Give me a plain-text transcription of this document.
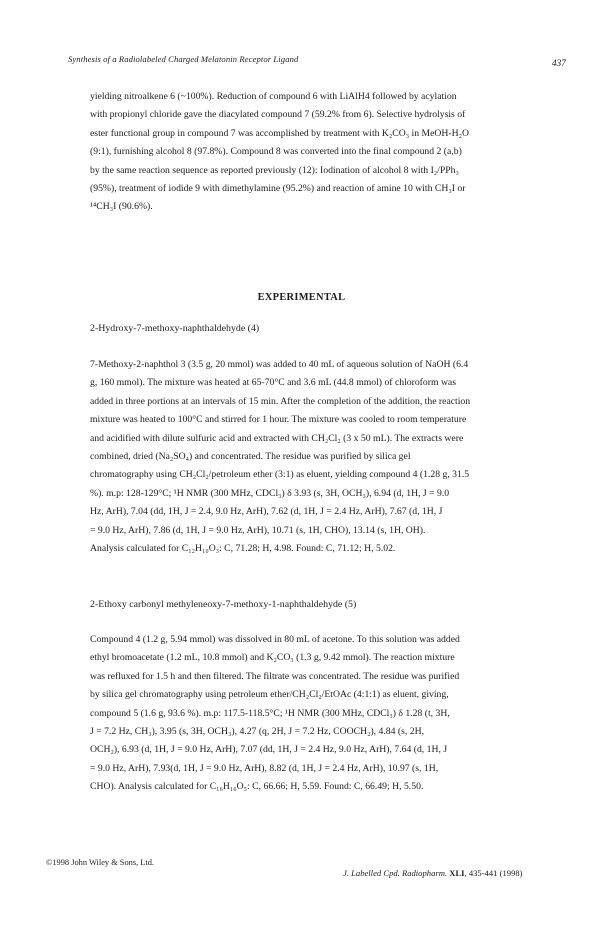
Synthesis of a Radiolabeled Charged Melatonin Receptor Ligand	437
yielding nitroalkene 6 (~100%). Reduction of compound 6 with LiAlH4 followed by acylation
with propionyl chloride gave the diacylated compound 7 (59.2% from 6). Selective hydrolysis of
ester functional group in compound 7 was accomplished by treatment with K₂CO₃ in MeOH-H₂O
(9:1), furnishing alcohol 8 (97.8%). Compound 8 was converted into the final compound 2 (a,b)
by the same reaction sequence as reported previously (12): Iodination of alcohol 8 with I₂/PPh₃
(95%), treatment of iodide 9 with dimethylamine (95.2%) and reaction of amine 10 with CH₃I or
¹⁴CH₃I (90.6%).
EXPERIMENTAL
2-Hydroxy-7-methoxy-naphthaldehyde (4)
7-Methoxy-2-naphthol 3 (3.5 g, 20 mmol) was added to 40 mL of aqueous solution of NaOH (6.4
g, 160 mmol). The mixture was heated at 65-70°C and 3.6 mL (44.8 mmol) of chloroform was
added in three portions at an intervals of 15 min. After the completion of the addition, the reaction
mixture was heated to 100°C and stirred for 1 hour. The mixture was cooled to room temperature
and acidified with dilute sulfuric acid and extracted with CH₂Cl₂ (3 x 50 mL). The extracts were
combined, dried (Na₂SO₄) and concentrated. The residue was purified by silica gel
chromatography using CH₂Cl₂/petroleum ether (3:1) as eluent, yielding compound 4 (1.28 g, 31.5
%). m.p: 128-129°C; ¹H NMR (300 MHz, CDCl₃) δ 3.93 (s, 3H, OCH₃), 6.94 (d, 1H, J = 9.0
Hz, ArH), 7.04 (dd, 1H, J = 2.4, 9.0 Hz, ArH), 7.62 (d, 1H, J = 2.4 Hz, ArH), 7.67 (d, 1H, J
= 9.0 Hz, ArH), 7.86 (d, 1H, J = 9.0 Hz, ArH), 10.71 (s, 1H, CHO), 13.14 (s, 1H, OH).
Analysis calculated for C₁₂H₁₀O₃: C, 71.28; H, 4.98. Found: C, 71.12; H, 5.02.
2-Ethoxy carbonyl methyleneoxy-7-methoxy-1-naphthaldehyde (5)
Compound 4 (1.2 g, 5.94 mmol) was dissolved in 80 mL of acetone. To this solution was added
ethyl bromoacetate (1.2 mL, 10.8 mmol) and K₂CO₃ (1.3 g, 9.42 mmol). The reaction mixture
was refluxed for 1.5 h and then filtered. The filtrate was concentrated. The residue was purified
by silica gel chromatography using petroleum ether/CH₂Cl₂/EtOAc (4:1:1) as eluent, giving,
compound 5 (1.6 g, 93.6 %). m.p: 117.5-118.5°C; ¹H NMR (300 MHz, CDCl₃) δ 1.28 (t, 3H,
J = 7.2 Hz, CH₃), 3.95 (s, 3H, OCH₃), 4.27 (q, 2H, J = 7.2 Hz, COOCH₂), 4.84 (s, 2H,
OCH₂), 6.93 (d, 1H, J = 9.0 Hz, ArH), 7.07 (dd, 1H, J = 2.4 Hz, 9.0 Hz, ArH), 7.64 (d, 1H, J
= 9.0 Hz, ArH), 7.93(d, 1H, J = 9.0 Hz, ArH), 8.82 (d, 1H, J = 2.4 Hz, ArH), 10.97 (s, 1H,
CHO). Analysis calculated for C₁₆H₁₆O₅: C, 66.66; H, 5.59. Found: C, 66.49; H, 5.50.
©1998 John Wiley & Sons, Ltd.
J. Labelled Cpd. Radiopharm. XLI, 435-441 (1998)
